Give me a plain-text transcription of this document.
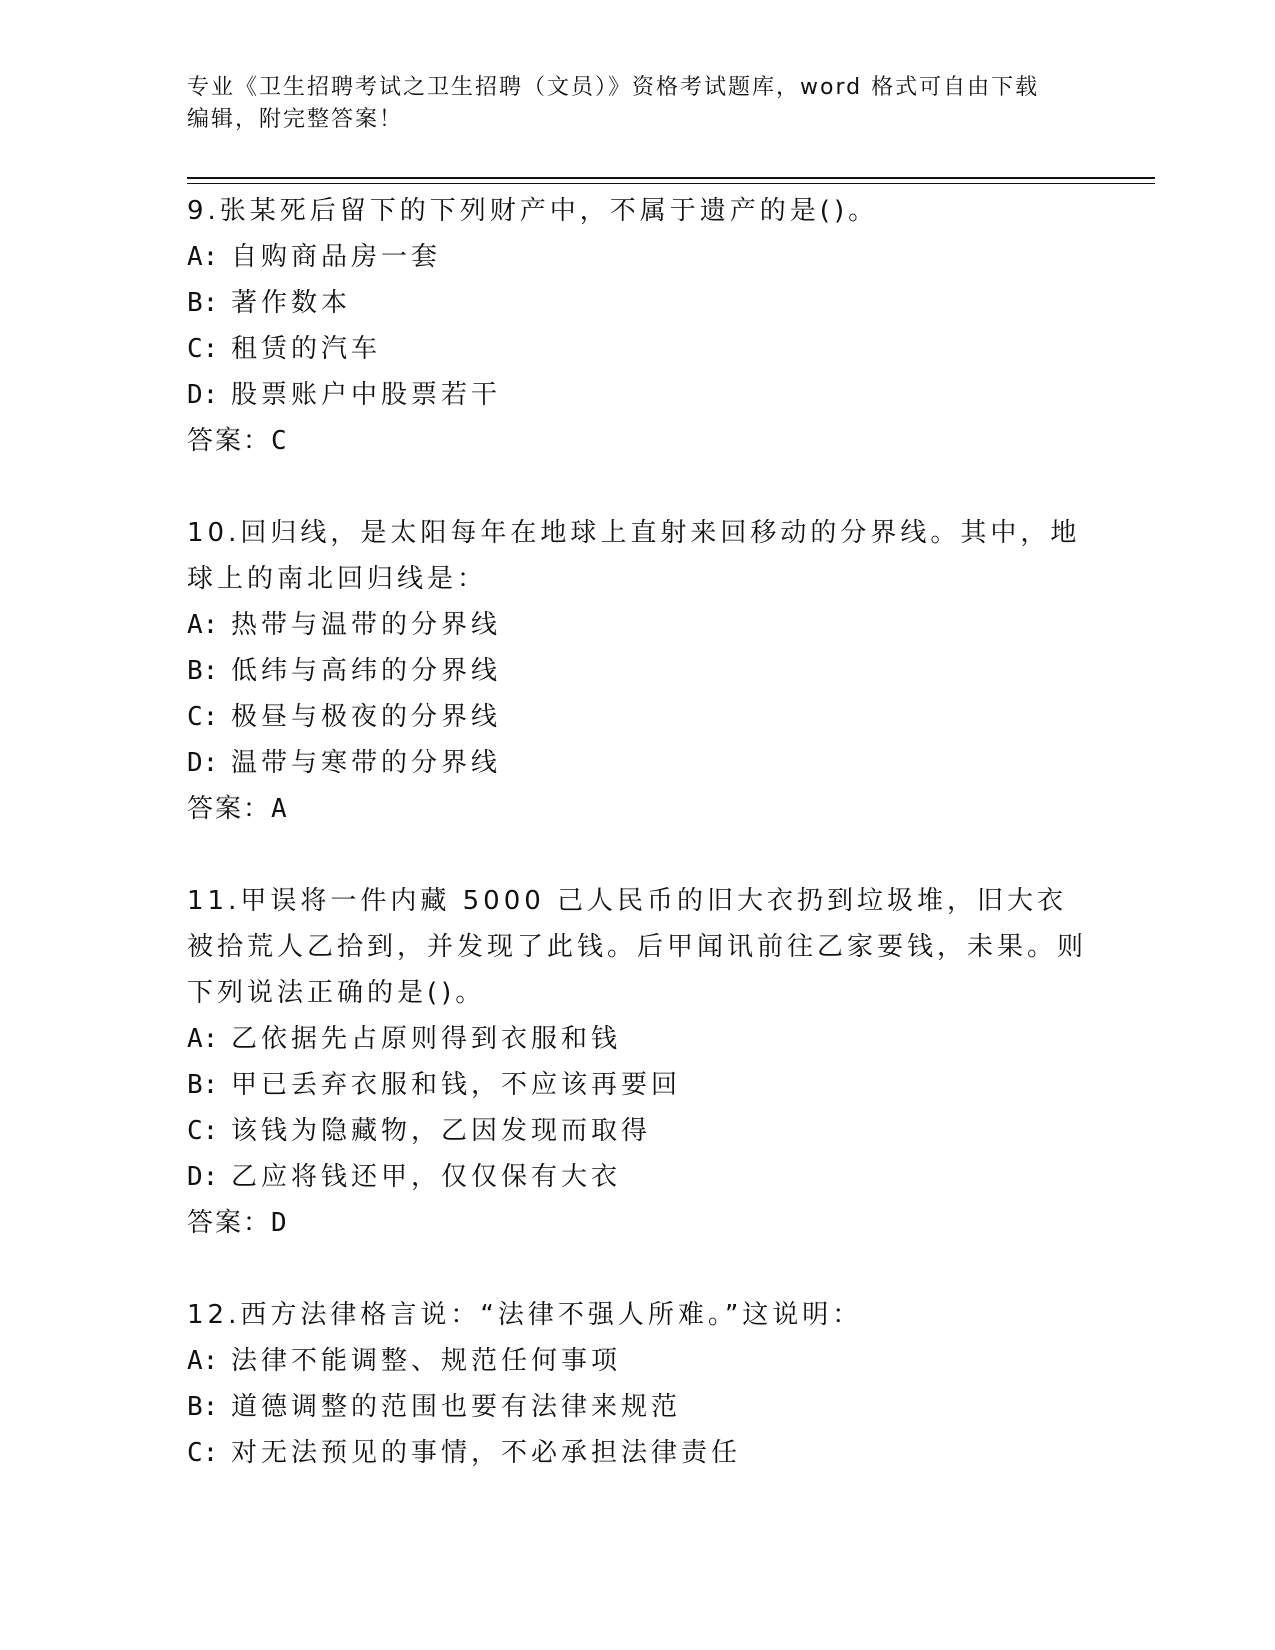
专业《卫生招聘考试之卫生招聘（文员）》资格考试题库，word 格式可自由下载
编辑，附完整答案！
9.张某死后留下的下列财产中，不属于遗产的是()。
A: 自购商品房一套
B: 著作数本
C: 租赁的汽车
D: 股票账户中股票若干
答案：C
10.回归线，是太阳每年在地球上直射来回移动的分界线。其中，地球上的南北回归线是：
A: 热带与温带的分界线
B: 低纬与高纬的分界线
C: 极昼与极夜的分界线
D: 温带与寒带的分界线
答案：A
11.甲误将一件内藏 5000 己人民币的旧大衣扔到垃圾堆，旧大衣被拾荒人乙拾到，并发现了此钱。后甲闻讯前往乙家要钱，未果。则下列说法正确的是()。
A: 乙依据先占原则得到衣服和钱
B: 甲已丢弃衣服和钱，不应该再要回
C: 该钱为隐藏物，乙因发现而取得
D: 乙应将钱还甲，仅仅保有大衣
答案：D
12.西方法律格言说：“法律不强人所难。”这说明：
A: 法律不能调整、规范任何事项
B: 道德调整的范围也要有法律来规范
C: 对无法预见的事情，不必承担法律责任
